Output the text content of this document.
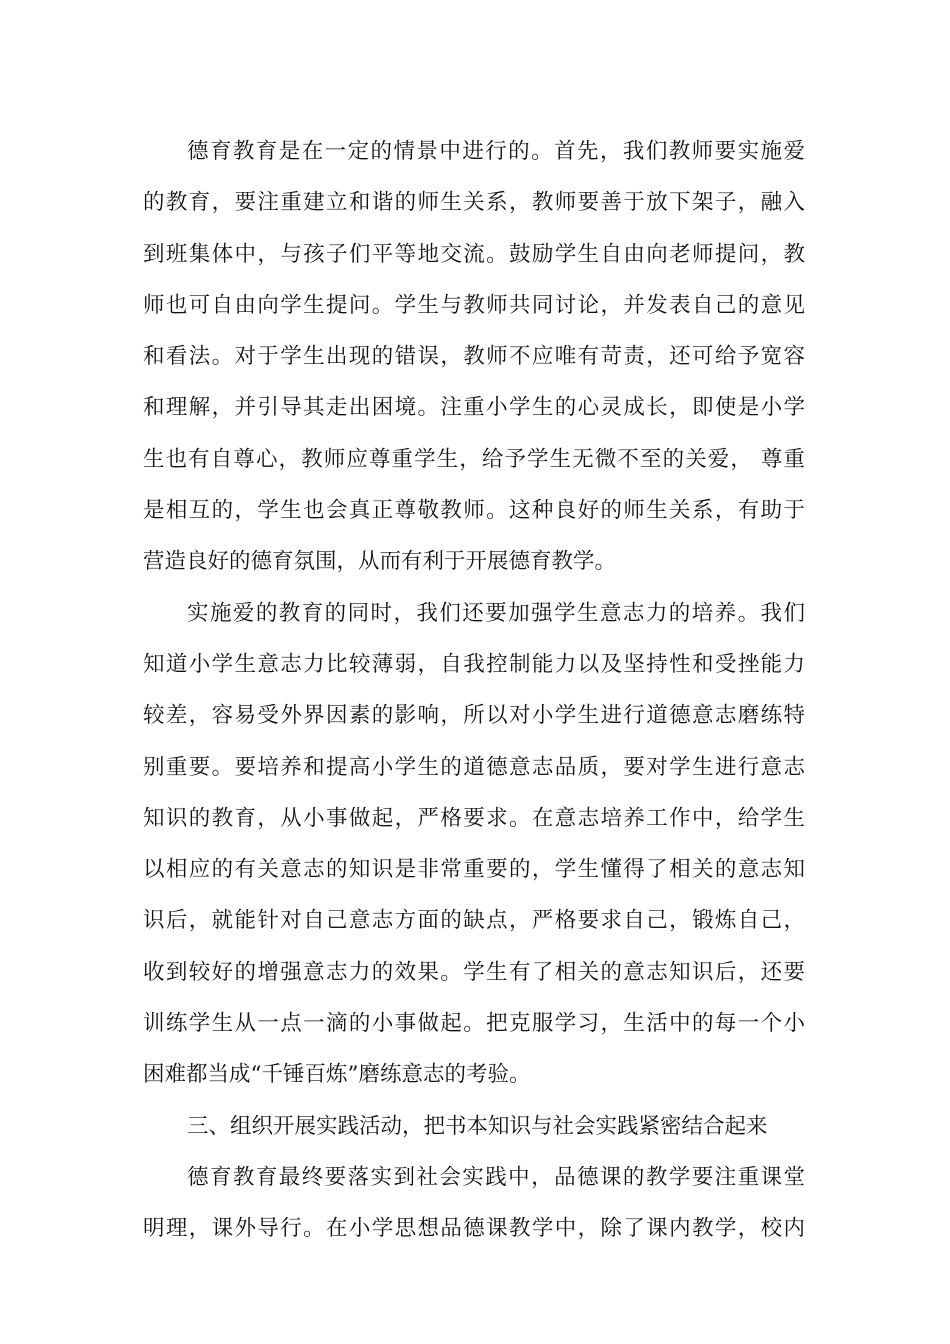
德育教育是在一定的情景中进行的。首先，我们教师要实施爱
的教育，要注重建立和谐的师生关系，教师要善于放下架子，融入
到班集体中，与孩子们平等地交流。鼓励学生自由向老师提问，教
师也可自由向学生提问。学生与教师共同讨论，并发表自己的意见
和看法。对于学生出现的错误，教师不应唯有苛责，还可给予宽容
和理解，并引导其走出困境。注重小学生的心灵成长，即使是小学
生也有自尊心，教师应尊重学生，给予学生无微不至的关爱， 尊重
是相互的，学生也会真正尊敬教师。这种良好的师生关系，有助于
营造良好的德育氛围，从而有利于开展德育教学。
实施爱的教育的同时，我们还要加强学生意志力的培养。我们
知道小学生意志力比较薄弱，自我控制能力以及坚持性和受挫能力
较差，容易受外界因素的影响，所以对小学生进行道德意志磨练特
别重要。要培养和提高小学生的道德意志品质，要对学生进行意志
知识的教育，从小事做起，严格要求。在意志培养工作中，给学生
以相应的有关意志的知识是非常重要的，学生懂得了相关的意志知
识后，就能针对自己意志方面的缺点，严格要求自己，锻炼自己，
收到较好的增强意志力的效果。学生有了相关的意志知识后，还要
训练学生从一点一滴的小事做起。把克服学习，生活中的每一个小
困难都当成“千锤百炼”磨练意志的考验。
三、组织开展实践活动，把书本知识与社会实践紧密结合起来
德育教育最终要落实到社会实践中，品德课的教学要注重课堂
明理，课外导行。在小学思想品德课教学中，除了课内教学，校内
